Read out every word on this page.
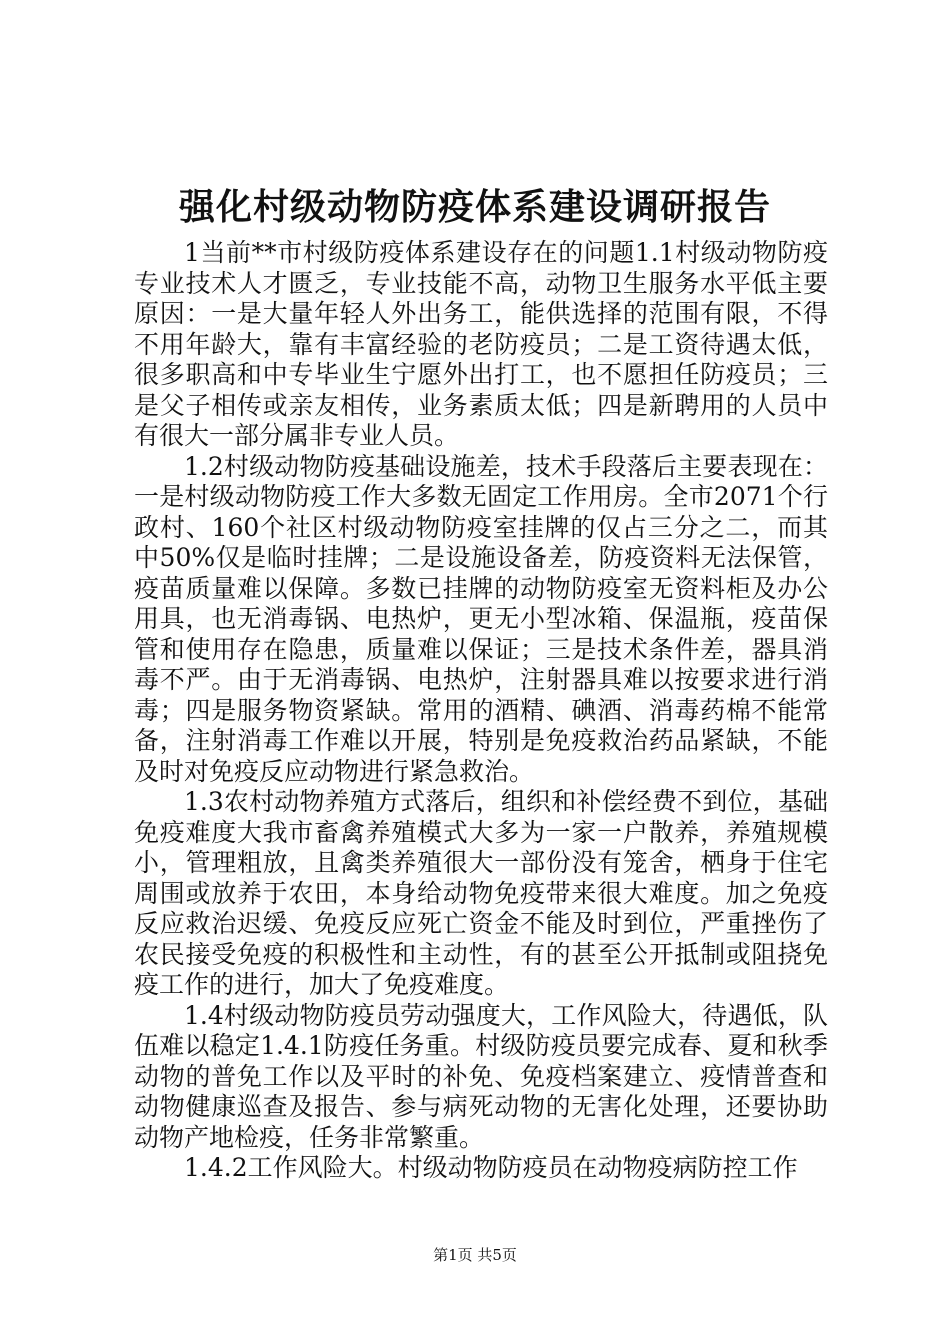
强化村级动物防疫体系建设调研报告

1当前**市村级防疫体系建设存在的问题1.1村级动物防疫专业技术人才匮乏，专业技能不高，动物卫生服务水平低主要原因：一是大量年轻人外出务工，能供选择的范围有限，不得不用年龄大，靠有丰富经验的老防疫员；二是工资待遇太低，很多职高和中专毕业生宁愿外出打工，也不愿担任防疫员；三是父子相传或亲友相传，业务素质太低；四是新聘用的人员中有很大一部分属非专业人员。

1.2村级动物防疫基础设施差，技术手段落后主要表现在：一是村级动物防疫工作大多数无固定工作用房。全市2071个行政村、160个社区村级动物防疫室挂牌的仅占三分之二，而其中50%仅是临时挂牌；二是设施设备差，防疫资料无法保管，疫苗质量难以保障。多数已挂牌的动物防疫室无资料柜及办公用具，也无消毒锅、电热炉，更无小型冰箱、保温瓶，疫苗保管和使用存在隐患，质量难以保证；三是技术条件差，器具消毒不严。由于无消毒锅、电热炉，注射器具难以按要求进行消毒；四是服务物资紧缺。常用的酒精、碘酒、消毒药棉不能常备，注射消毒工作难以开展，特别是免疫救治药品紧缺，不能及时对免疫反应动物进行紧急救治。

1.3农村动物养殖方式落后，组织和补偿经费不到位，基础免疫难度大我市畜禽养殖模式大多为一家一户散养，养殖规模小，管理粗放，且禽类养殖很大一部份没有笼舍，栖身于住宅周围或放养于农田，本身给动物免疫带来很大难度。加之免疫反应救治迟缓、免疫反应死亡资金不能及时到位，严重挫伤了农民接受免疫的积极性和主动性，有的甚至公开抵制或阻挠免疫工作的进行，加大了免疫难度。

1.4村级动物防疫员劳动强度大，工作风险大，待遇低，队伍难以稳定1.4.1防疫任务重。村级防疫员要完成春、夏和秋季动物的普免工作以及平时的补免、免疫档案建立、疫情普查和动物健康巡查及报告、参与病死动物的无害化处理，还要协助动物产地检疫，任务非常繁重。

1.4.2工作风险大。村级动物防疫员在动物疫病防控工作

第1页 共5页
